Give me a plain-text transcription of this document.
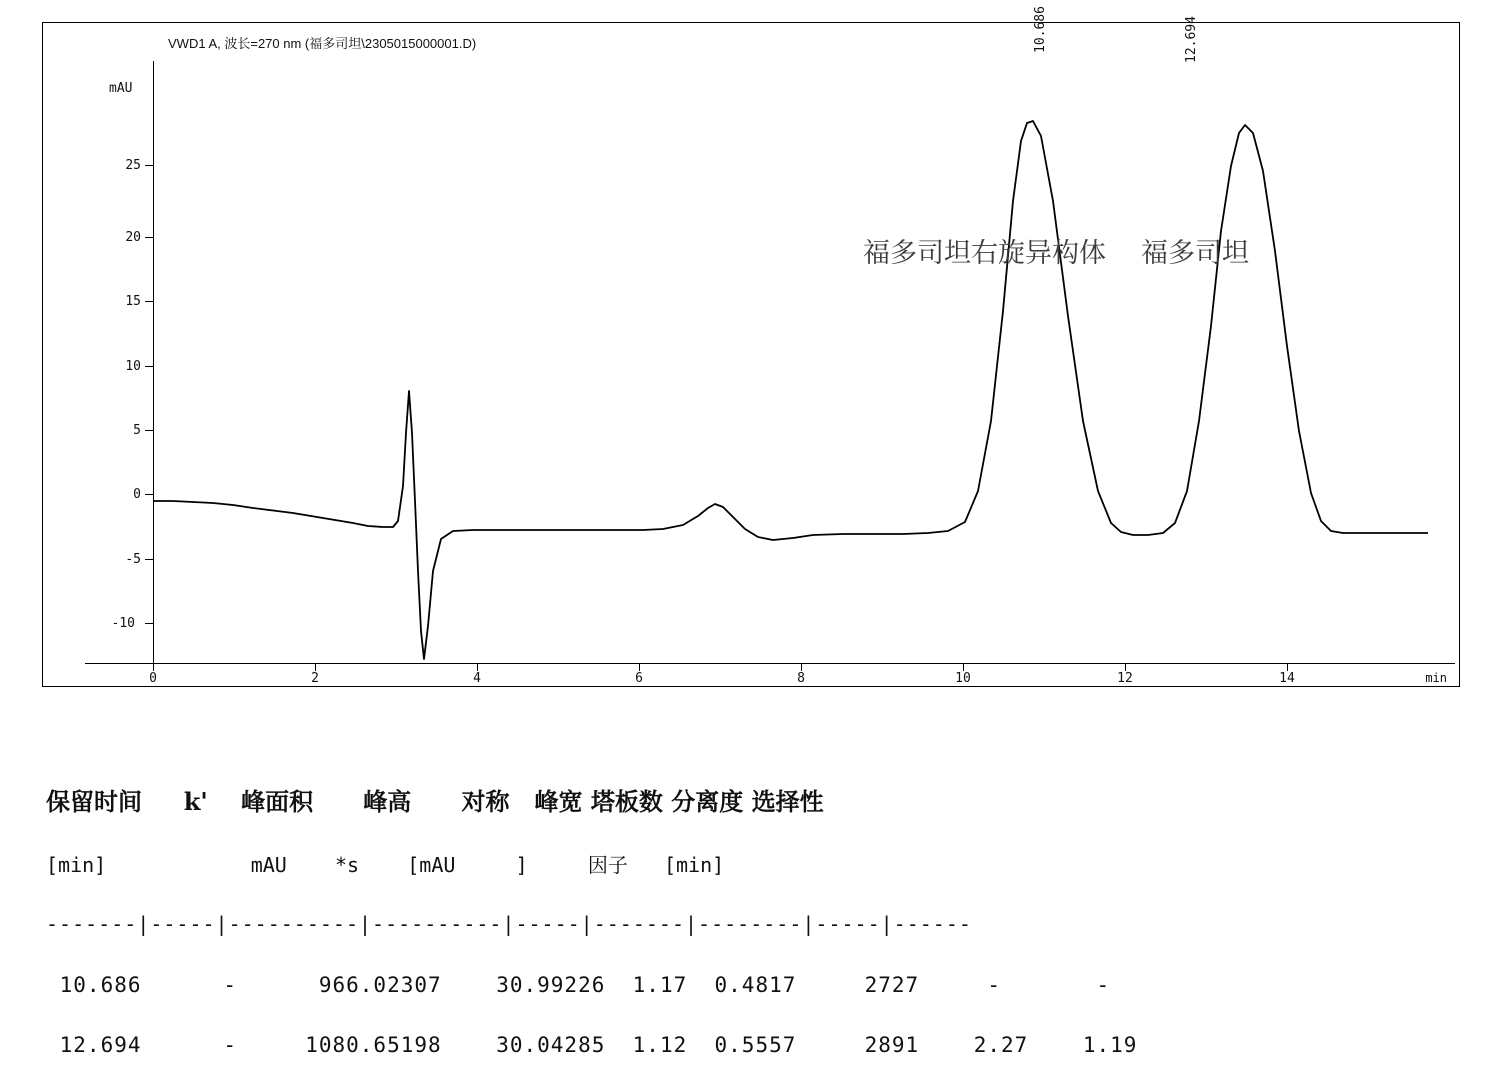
VWD1 A, 波长=270 nm (福多司坦\2305015000001.D)
mAU
25
20
15
10
5
0
-5
-10
0	2	4	6	8	10	12	14	min
10.686	12.694
福多司坦右旋异构体 福多司坦

保留时间     k'    峰面积      峰高      对称   峰宽 塔板数 分离度 选择性

[min]            mAU    *s    [mAU     ]     因子   [min]

-------|-----|----------|----------|-----|-------|--------|-----|------

10.686      -      966.02307    30.99226  1.17  0.4817     2727     -       -

12.694      -     1080.65198    30.04285  1.12  0.5557     2891    2.27    1.19
